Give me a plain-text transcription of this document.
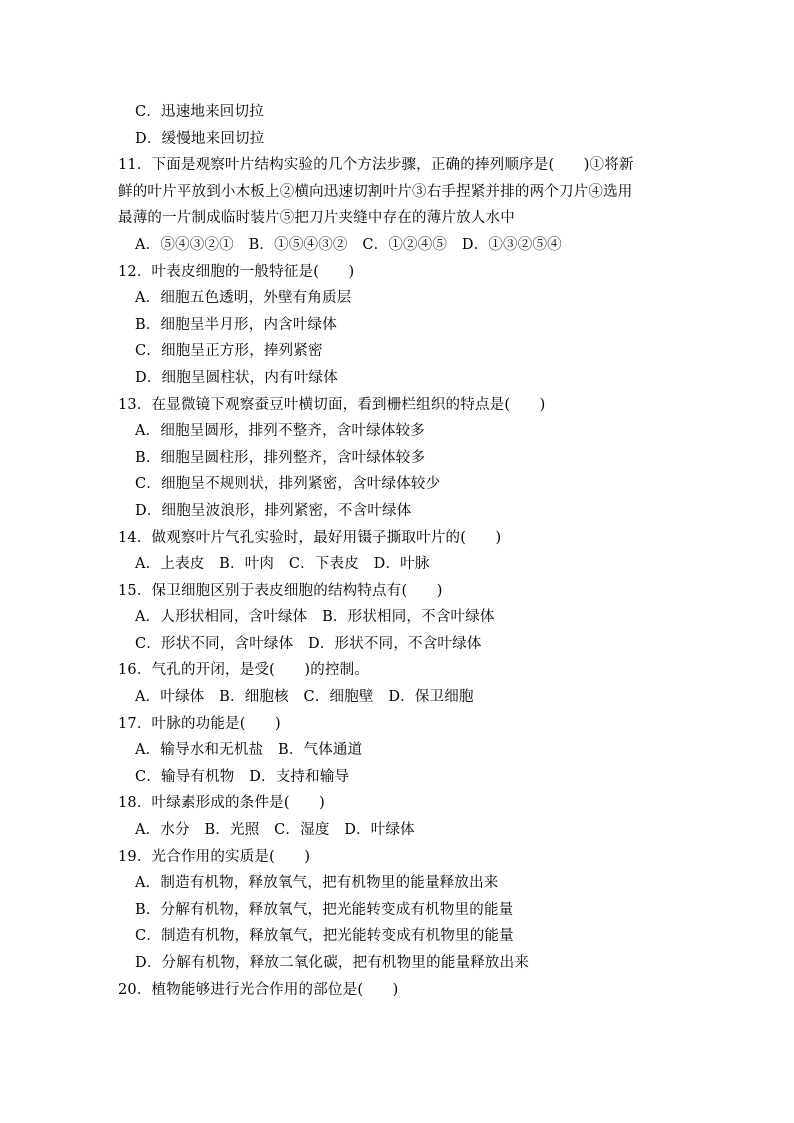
C．迅速地来回切拉
D．缓慢地来回切拉
11．下面是观察叶片结构实验的几个方法步骤，正确的捧列顺序是(　　)①将新
鲜的叶片平放到小木板上②横向迅速切割叶片③右手捏紧并排的两个刀片④选用
最薄的一片制成临时装片⑤把刀片夹缝中存在的薄片放人水中
A．⑤④③②①　B．①⑤④③②　C．①②④⑤　D．①③②⑤④
12．叶表皮细胞的一般特征是(　　)
A．细胞五色透明，外壁有角质层
B．细胞呈半月形，内含叶绿体
C．细胞呈正方形，捧列紧密
D．细胞呈圆柱状，内有叶绿体
13．在显微镜下观察蚕豆叶横切面，看到栅栏组织的特点是(　　)
A．细胞呈圆形，排列不整齐，含叶绿体较多
B．细胞呈圆柱形，排列整齐，含叶绿体较多
C．细胞呈不规则状，排列紧密，含叶绿体较少
D．细胞呈波浪形，排列紧密，不含叶绿体
14．做观察叶片气孔实验时，最好用镊子撕取叶片的(　　)
A．上表皮　B．叶肉　C．下表皮　D．叶脉
15．保卫细胞区别于表皮细胞的结构特点有(　　)
A．人形状相同，含叶绿体　B．形状相同，不含叶绿体
C．形状不同，含叶绿体　D．形状不同，不含叶绿体
16．气孔的开闭，是受(　　)的控制。
A．叶绿体　B．细胞核　C．细胞壁　D．保卫细胞
17．叶脉的功能是(　　)
A．输导水和无机盐　B．气体通道
C．输导有机物　D．支持和输导
18．叶绿素形成的条件是(　　)
A．水分　B．光照　C．湿度　D．叶绿体
19．光合作用的实质是(　　)
A．制造有机物，释放氧气，把有机物里的能量释放出来
B．分解有机物，释放氧气，把光能转变成有机物里的能量
C．制造有机物，释放氧气，把光能转变成有机物里的能量
D．分解有机物，释放二氧化碳，把有机物里的能量释放出来
20．植物能够进行光合作用的部位是(　　)
